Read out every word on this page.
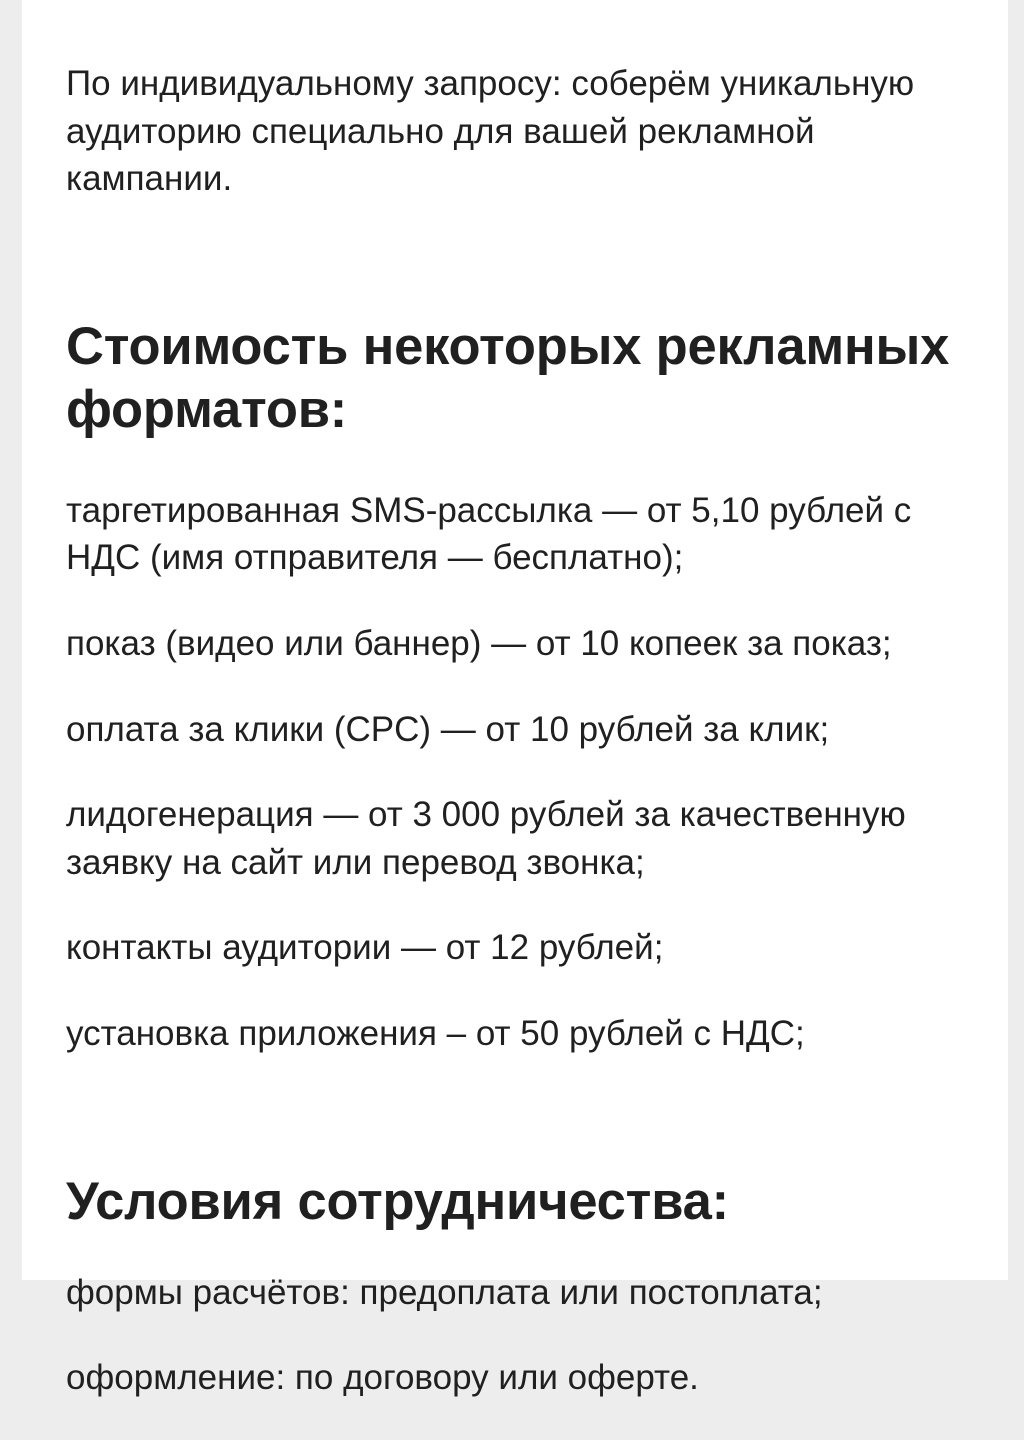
По индивидуальному запросу: соберём уникальную аудиторию специально для вашей рекламной кампании.

Стоимость некоторых рекламных форматов:

таргетированная SMS-рассылка — от 5,10 рублей с НДС (имя отправителя — бесплатно);

показ (видео или баннер) — от 10 копеек за показ;

оплата за клики (CPC) — от 10 рублей за клик;

лидогенерация — от 3 000 рублей за качественную заявку на сайт или перевод звонка;

контакты аудитории — от 12 рублей;

установка приложения – от 50 рублей с НДС;

Условия сотрудничества:

формы расчётов: предоплата или постоплата;

оформление: по договору или оферте.
